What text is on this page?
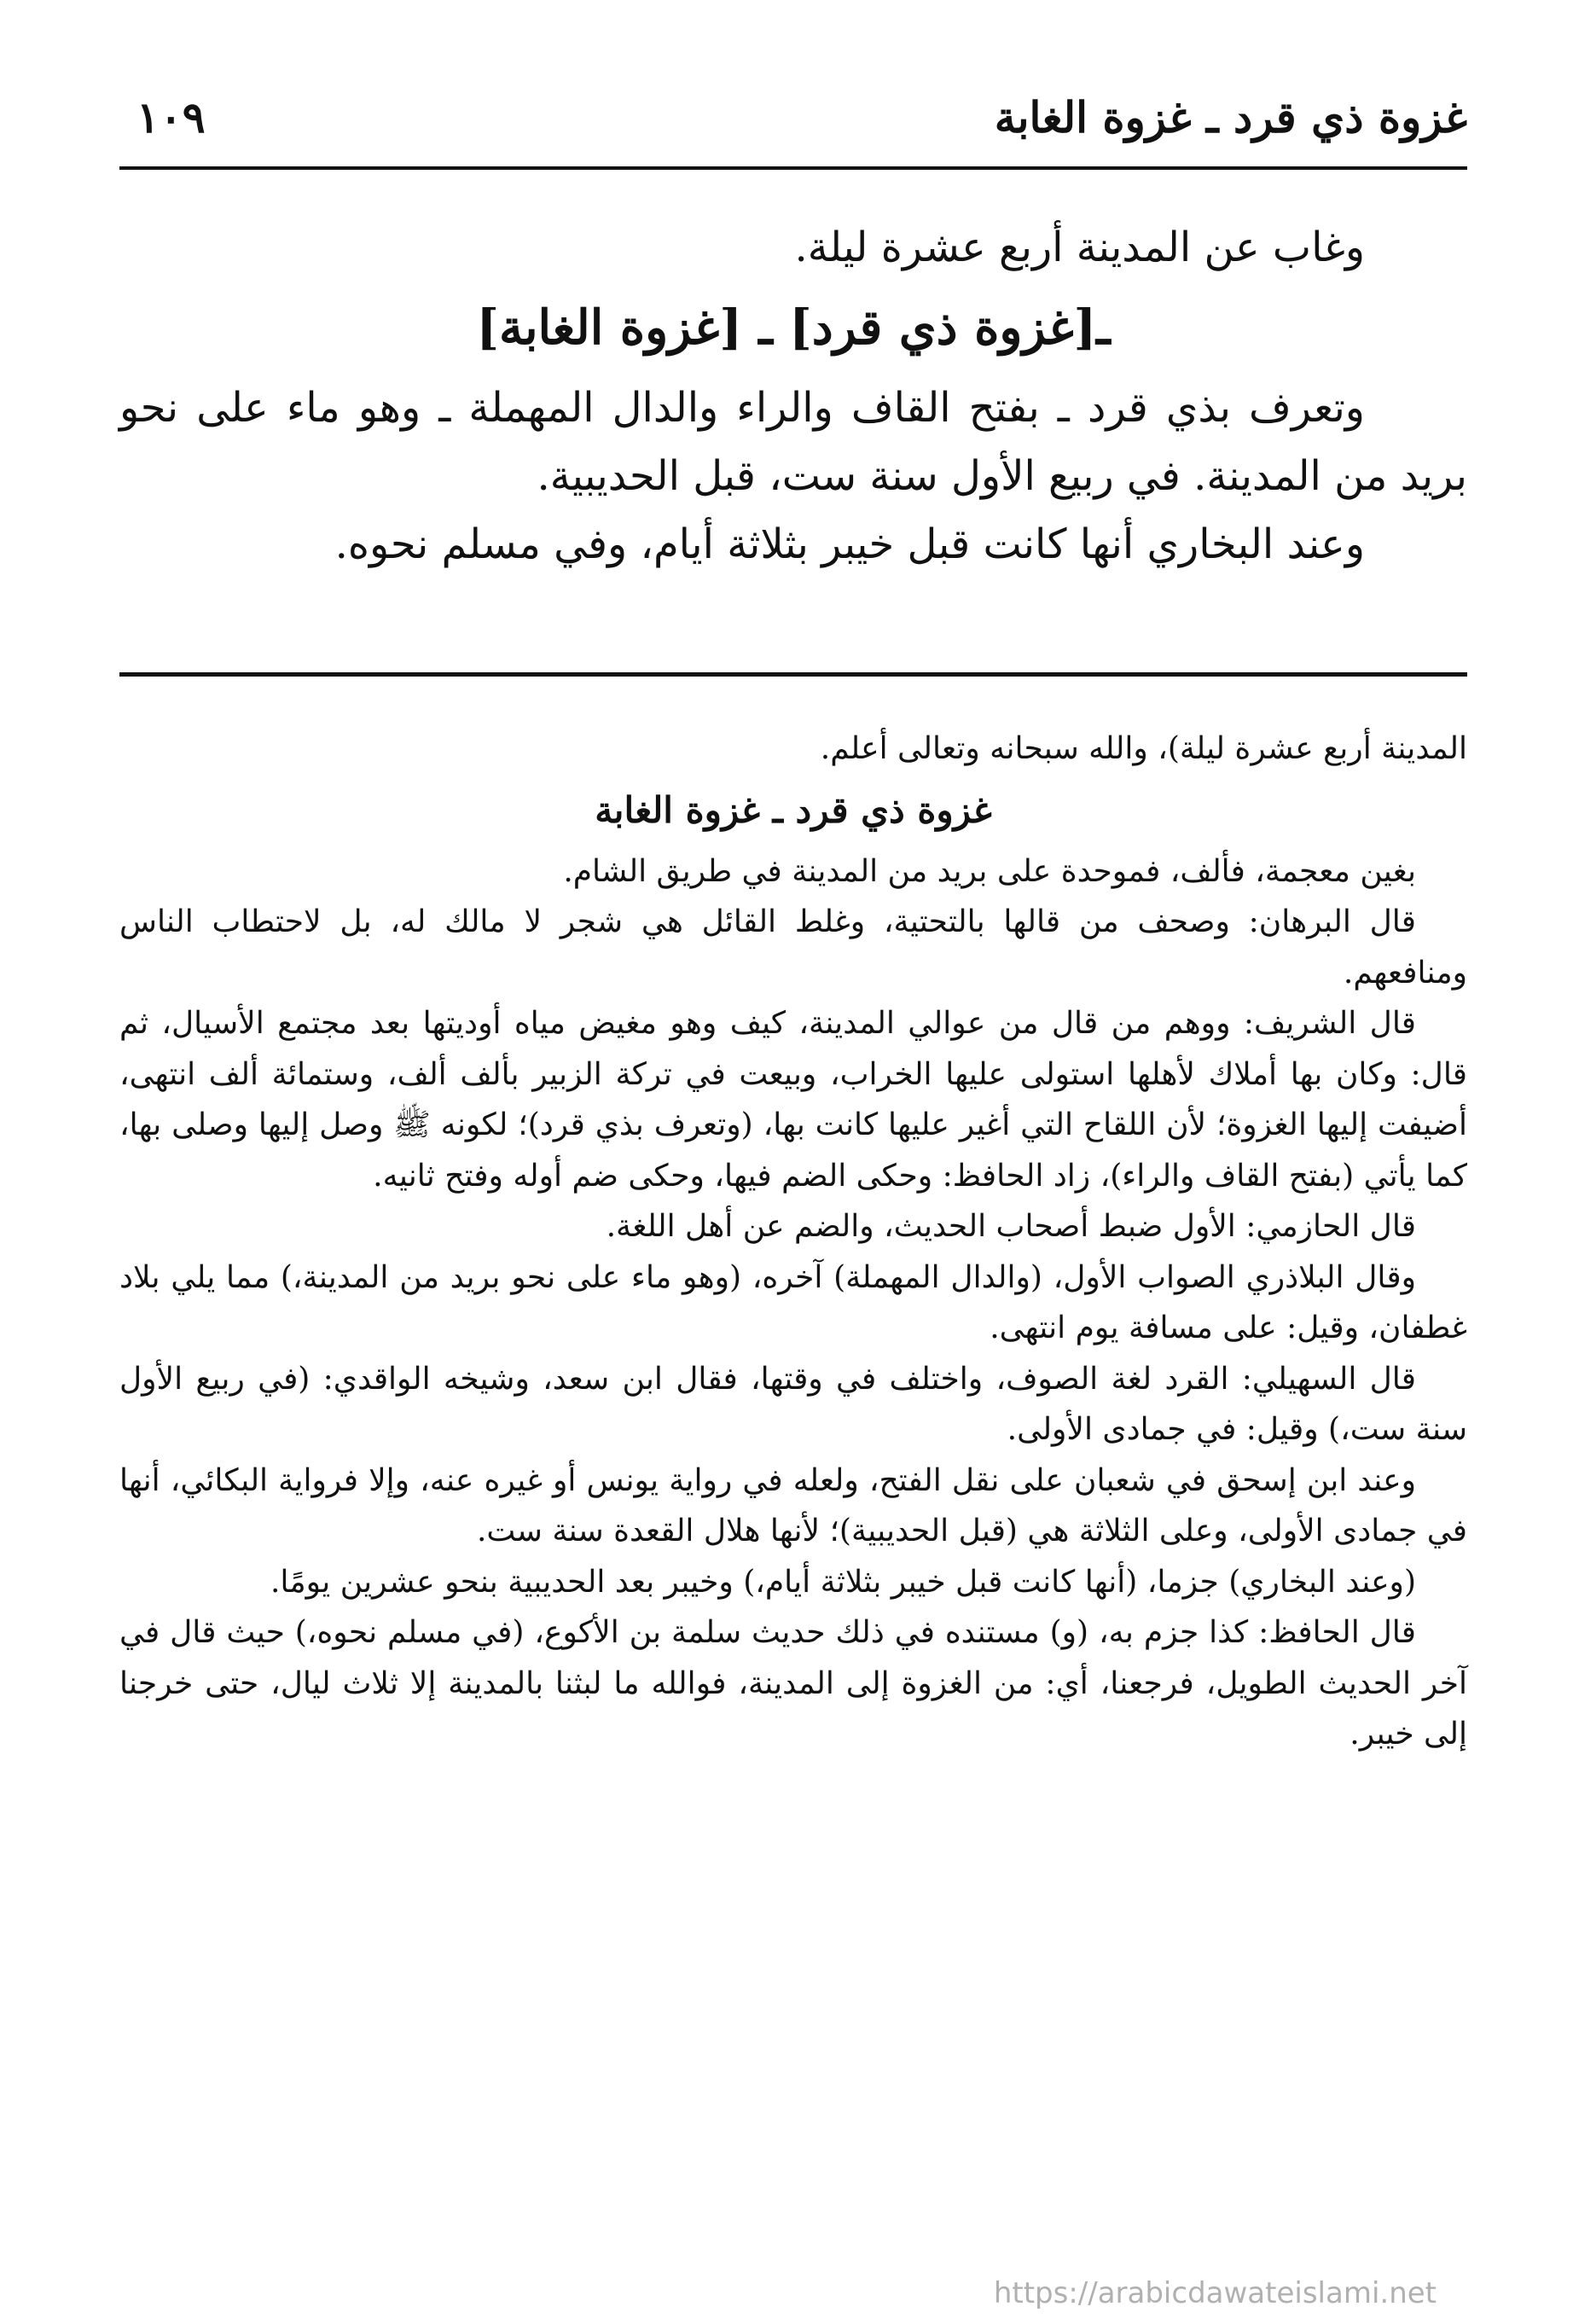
غزوة ذي قرد ـ غزوة الغابة
١٠٩

وغاب عن المدينة أربع عشرة ليلة.

ـ[غزوة ذي قرد] ـ [غزوة الغابة]

وتعرف بذي قرد ـ بفتح القاف والراء والدال المهملة ـ وهو ماء على نحو بريد من المدينة. في ربيع الأول سنة ست، قبل الحديبية.

وعند البخاري أنها كانت قبل خيبر بثلاثة أيام، وفي مسلم نحوه.

المدينة أربع عشرة ليلة)، والله سبحانه وتعالى أعلم.

غزوة ذي قرد ـ غزوة الغابة

بغين معجمة، فألف، فموحدة على بريد من المدينة في طريق الشام.

قال البرهان: وصحف من قالها بالتحتية، وغلط القائل هي شجر لا مالك له، بل لاحتطاب الناس ومنافعهم.

قال الشريف: ووهم من قال من عوالي المدينة، كيف وهو مغيض مياه أوديتها بعد مجتمع الأسيال، ثم قال: وكان بها أملاك لأهلها استولى عليها الخراب، وبيعت في تركة الزبير بألف ألف، وستمائة ألف انتهى، أضيفت إليها الغزوة؛ لأن اللقاح التي أغير عليها كانت بها، (وتعرف بذي قرد)؛ لكونه ﷺ وصل إليها وصلى بها، كما يأتي (بفتح القاف والراء)، زاد الحافظ: وحكى الضم فيها، وحكى ضم أوله وفتح ثانيه.

قال الحازمي: الأول ضبط أصحاب الحديث، والضم عن أهل اللغة.

وقال البلاذري الصواب الأول، (والدال المهملة) آخره، (وهو ماء على نحو بريد من المدينة،) مما يلي بلاد غطفان، وقيل: على مسافة يوم انتهى.

قال السهيلي: القرد لغة الصوف، واختلف في وقتها، فقال ابن سعد، وشيخه الواقدي: (في ربيع الأول سنة ست،) وقيل: في جمادى الأولى.

وعند ابن إسحق في شعبان على نقل الفتح، ولعله في رواية يونس أو غيره عنه، وإلا فرواية البكائي، أنها في جمادى الأولى، وعلى الثلاثة هي (قبل الحديبية)؛ لأنها هلال القعدة سنة ست.

(وعند البخاري) جزما، (أنها كانت قبل خيبر بثلاثة أيام،) وخيبر بعد الحديبية بنحو عشرين يومًا.

قال الحافظ: كذا جزم به، (و) مستنده في ذلك حديث سلمة بن الأكوع، (في مسلم نحوه،) حيث قال في آخر الحديث الطويل، فرجعنا، أي: من الغزوة إلى المدينة، فوالله ما لبثنا بالمدينة إلا ثلاث ليال، حتى خرجنا إلى خيبر.

https://arabicdawateislami.net
